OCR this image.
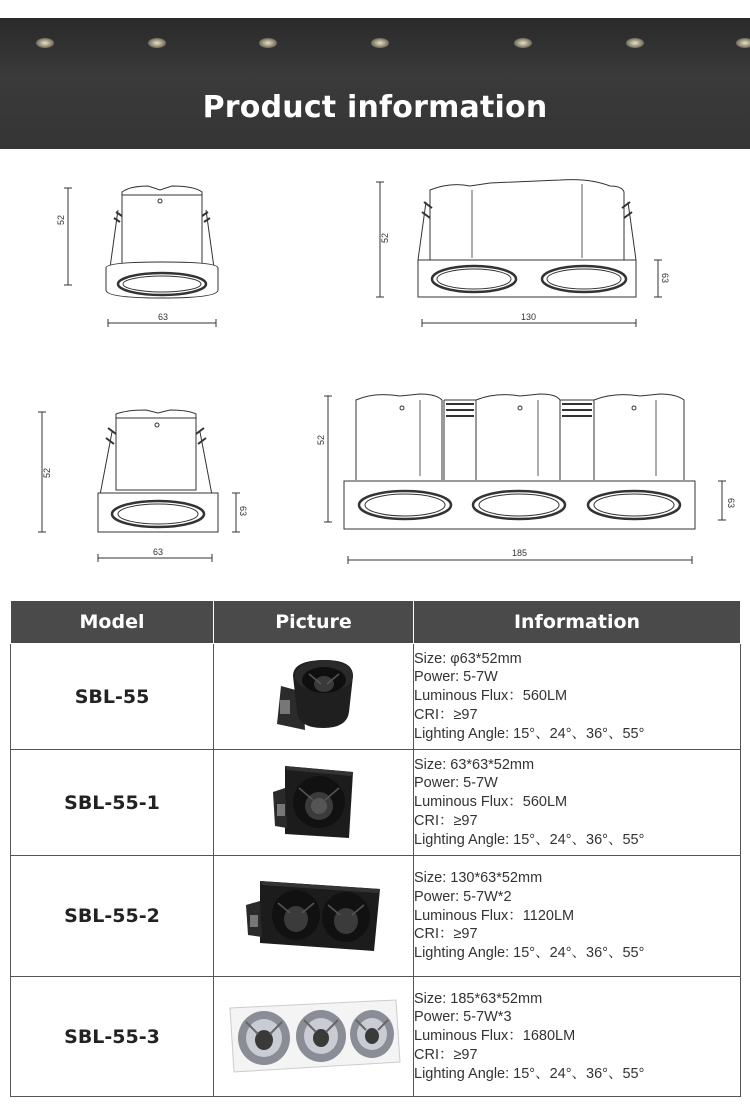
Product information
52
63
52
63
130
52
63
63
52
63
185
Model	Picture	Information
SBL-55		Size: φ63*52mm
Power: 5-7W
Luminous Flux：560LM
CRI：≥97
Lighting Angle: 15°、24°、36°、55°

SBL-55-1		Size: 63*63*52mm
Power: 5-7W
Luminous Flux：560LM
CRI：≥97
Lighting Angle: 15°、24°、36°、55°

SBL-55-2		Size: 130*63*52mm
Power: 5-7W*2
Luminous Flux：1120LM
CRI：≥97
Lighting Angle: 15°、24°、36°、55°

SBL-55-3		Size: 185*63*52mm
Power: 5-7W*3
Luminous Flux：1680LM
CRI：≥97
Lighting Angle: 15°、24°、36°、55°
